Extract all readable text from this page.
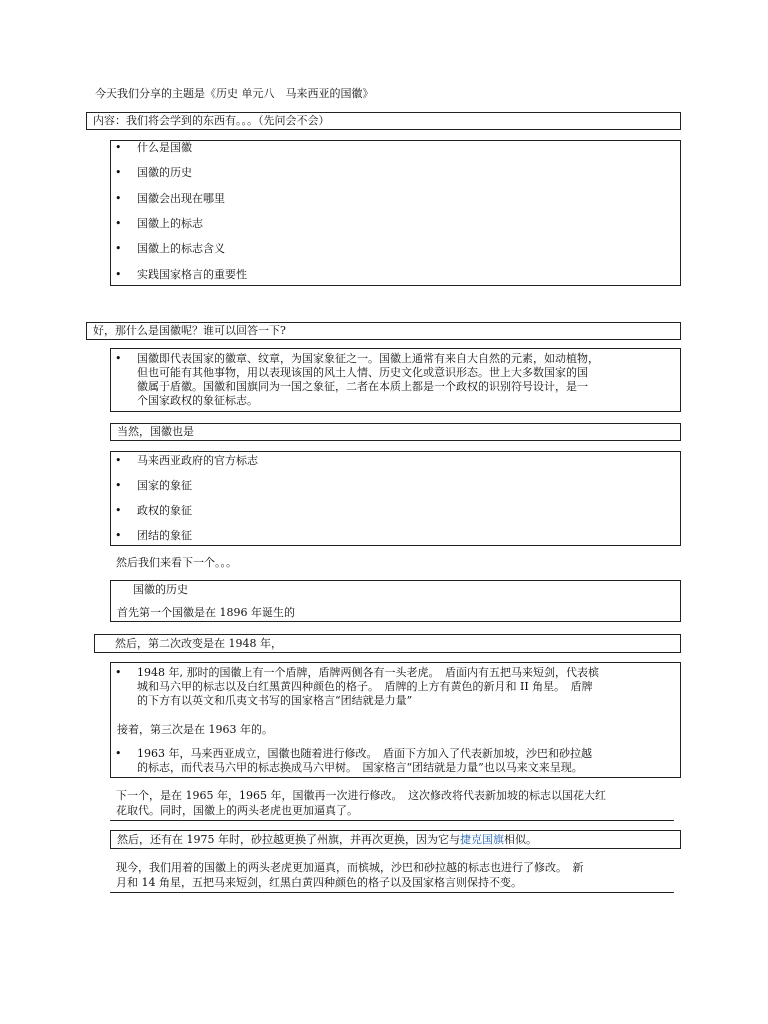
今天我们分享的主题是《历史 单元八　马来西亚的国徽》
内容：我们将会学到的东西有。。。（先问会不会）
• 什么是国徽
• 国徽的历史
• 国徽会出现在哪里
• 国徽上的标志
• 国徽上的标志含义
• 实践国家格言的重要性
好，那什么是国徽呢？谁可以回答一下?
• 国徽即代表国家的徽章、纹章，为国家象征之一。国徽上通常有来自大自然的元素，如动植物，
但也可能有其他事物，用以表现该国的风土人情、历史文化或意识形态。世上大多数国家的国
徽属于盾徽。国徽和国旗同为一国之象征，二者在本质上都是一个政权的识别符号设计，是一
个国家政权的象征标志。
当然，国徽也是
• 马来西亚政府的官方标志
• 国家的象征
• 政权的象征
• 团结的象征
然后我们来看下一个。。。
国徽的历史
首先第一个国徽是在 1896 年诞生的
然后，第二次改变是在 1948 年，
• 1948 年, 那时的国徽上有一个盾牌，盾牌两侧各有一头老虎。　盾面内有五把马来短剑，代表槟
城和马六甲的标志以及白红黑黄四种颜色的格子。　盾牌的上方有黄色的新月和 II 角星。　盾牌
的下方有以英文和爪夷文书写的国家格言“团结就是力量”
接着，第三次是在 1963 年的。
• 1963 年，马来西亚成立，国徽也随着进行修改。　盾面下方加入了代表新加坡，沙巴和砂拉越
的标志，而代表马六甲的标志换成马六甲树。　国家格言“团结就是力量”也以马来文来呈现。
下一个，是在 1965 年，1965 年，国徽再一次进行修改。　这次修改将代表新加坡的标志以国花大红
花取代。同时，国徽上的两头老虎也更加逼真了。
然后，还有在 1975 年时，砂拉越更换了州旗，并再次更换，因为它与捷克国旗相似。
现今，我们用着的国徽上的两头老虎更加逼真，而槟城，沙巴和砂拉越的标志也进行了修改。　新
月和 14 角星，五把马来短剑，红黑白黄四种颜色的格子以及国家格言则保持不变。
